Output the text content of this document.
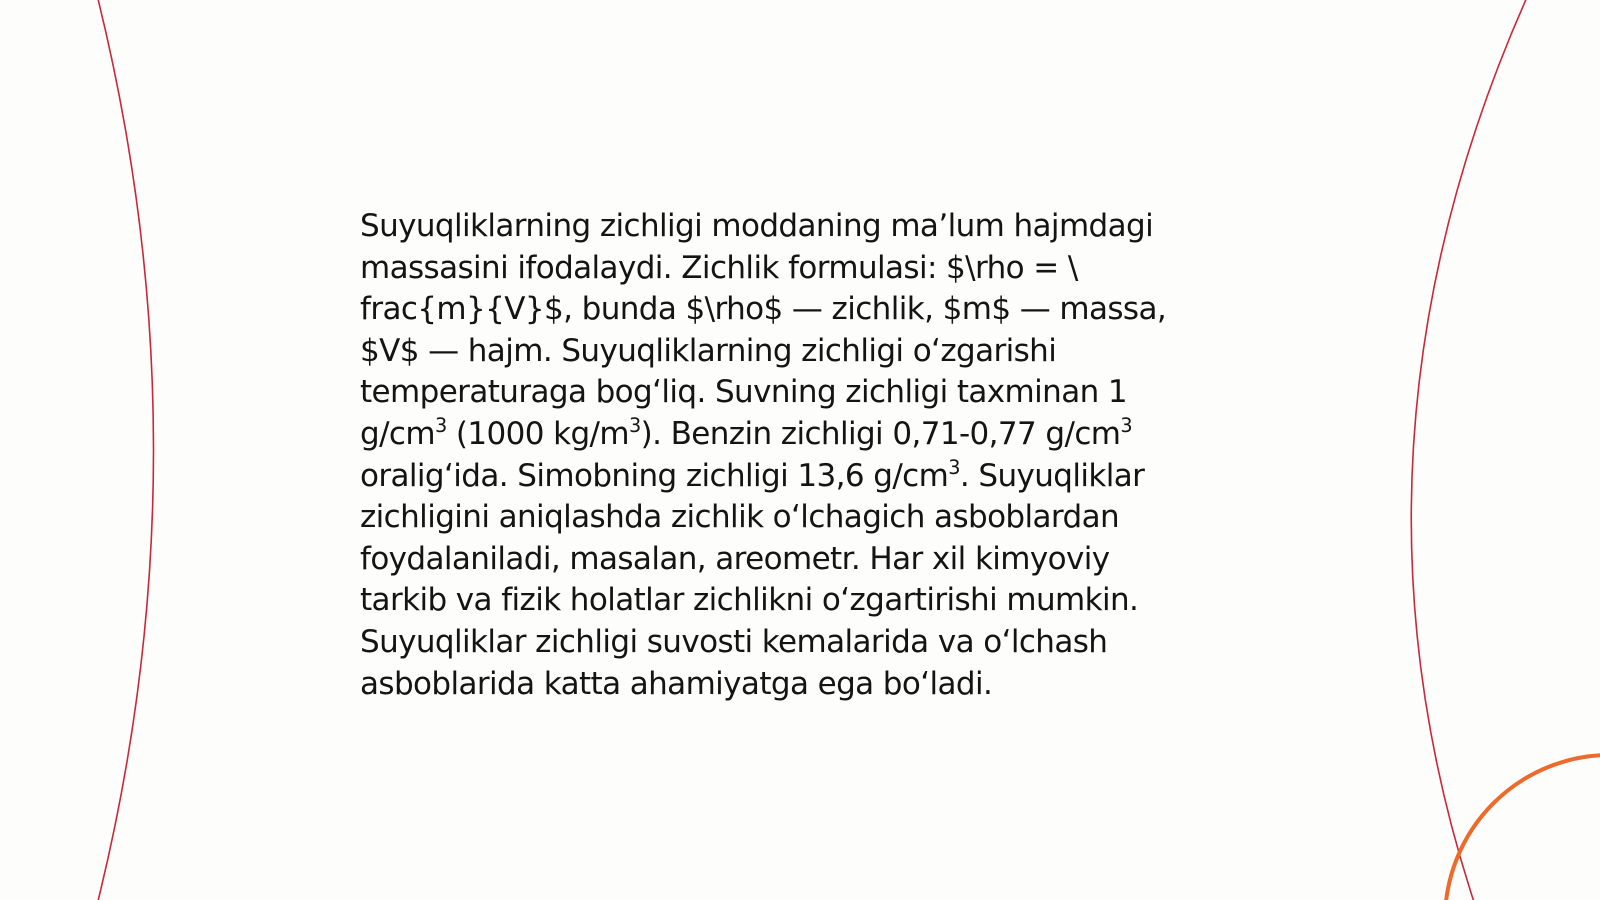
Suyuqliklarning zichligi moddaning maʼlum hajmdagi
massasini ifodalaydi. Zichlik formulasi: $\rho = \
frac{m}{V}$, bunda $\rho$ — zichlik, $m$ — massa,
$V$ — hajm. Suyuqliklarning zichligi oʻzgarishi
temperaturaga bogʻliq. Suvning zichligi taxminan 1
$g/cm^3$ (1000 $kg/m^3$). Benzin zichligi 0,71-0,77 $g/cm^3$
oraligʻida. Simobning zichligi 13,6 $g/cm^3$. Suyuqliklar
zichligini aniqlashda zichlik oʻlchagich asboblardan
foydalaniladi, masalan, areometr. Har xil kimyoviy
tarkib va fizik holatlar zichlikni oʻzgartirishi mumkin.
Suyuqliklar zichligi suvosti kemalarida va oʻlchash
asboblarida katta ahamiyatga ega boʻladi.
